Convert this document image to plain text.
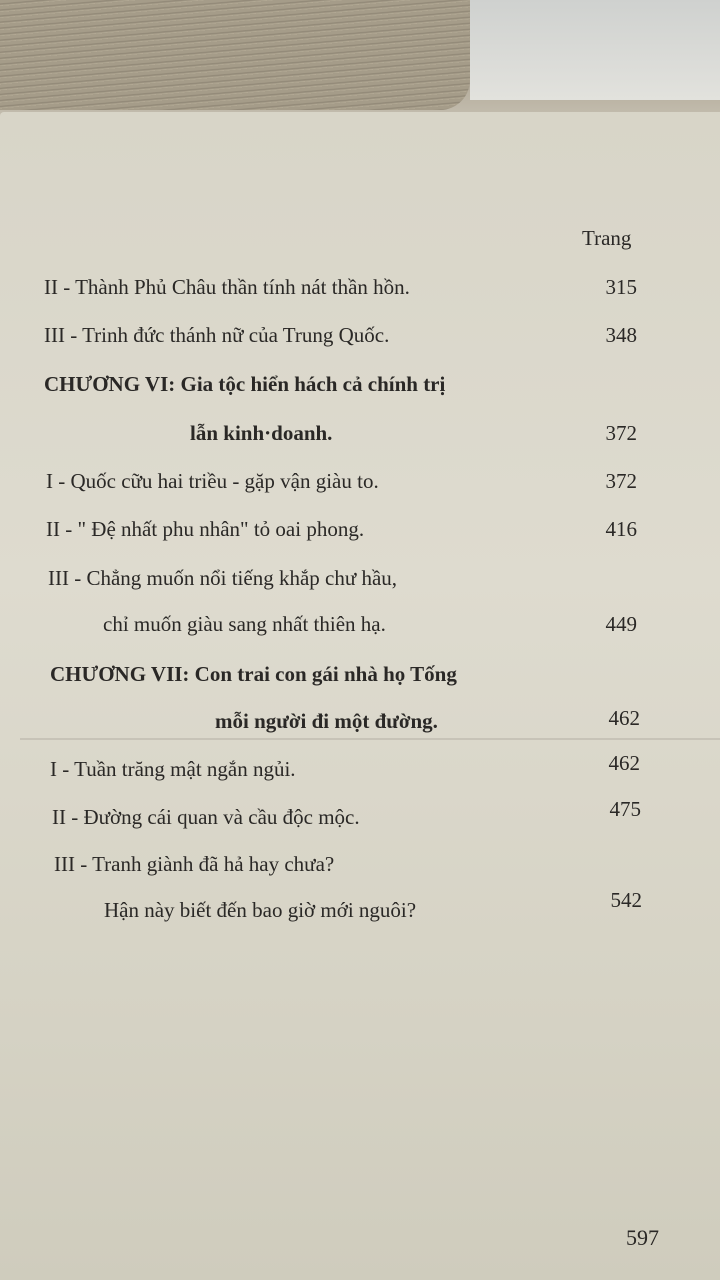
Trang
II - Thành Phủ Châu thần tính nát thần hồn.	315
III - Trinh đức thánh nữ của Trung Quốc.	348
CHƯƠNG VI: Gia tộc hiển hách cả chính trị
lẫn kinh·doanh.	372
I - Quốc cữu hai triều - gặp vận giàu to.	372
II - " Đệ nhất phu nhân" tỏ oai phong.	416
III - Chẳng muốn nổi tiếng khắp chư hầu,
chỉ muốn giàu sang nhất thiên hạ.	449
CHƯƠNG VII: Con trai con gái nhà họ Tống
mỗi người đi một đường.	462
I - Tuần trăng mật ngắn ngủi.	462
II - Đường cái quan và cầu độc mộc.	475
III - Tranh giành đã hả hay chưa?
Hận này biết đến bao giờ mới nguôi?	542
597
